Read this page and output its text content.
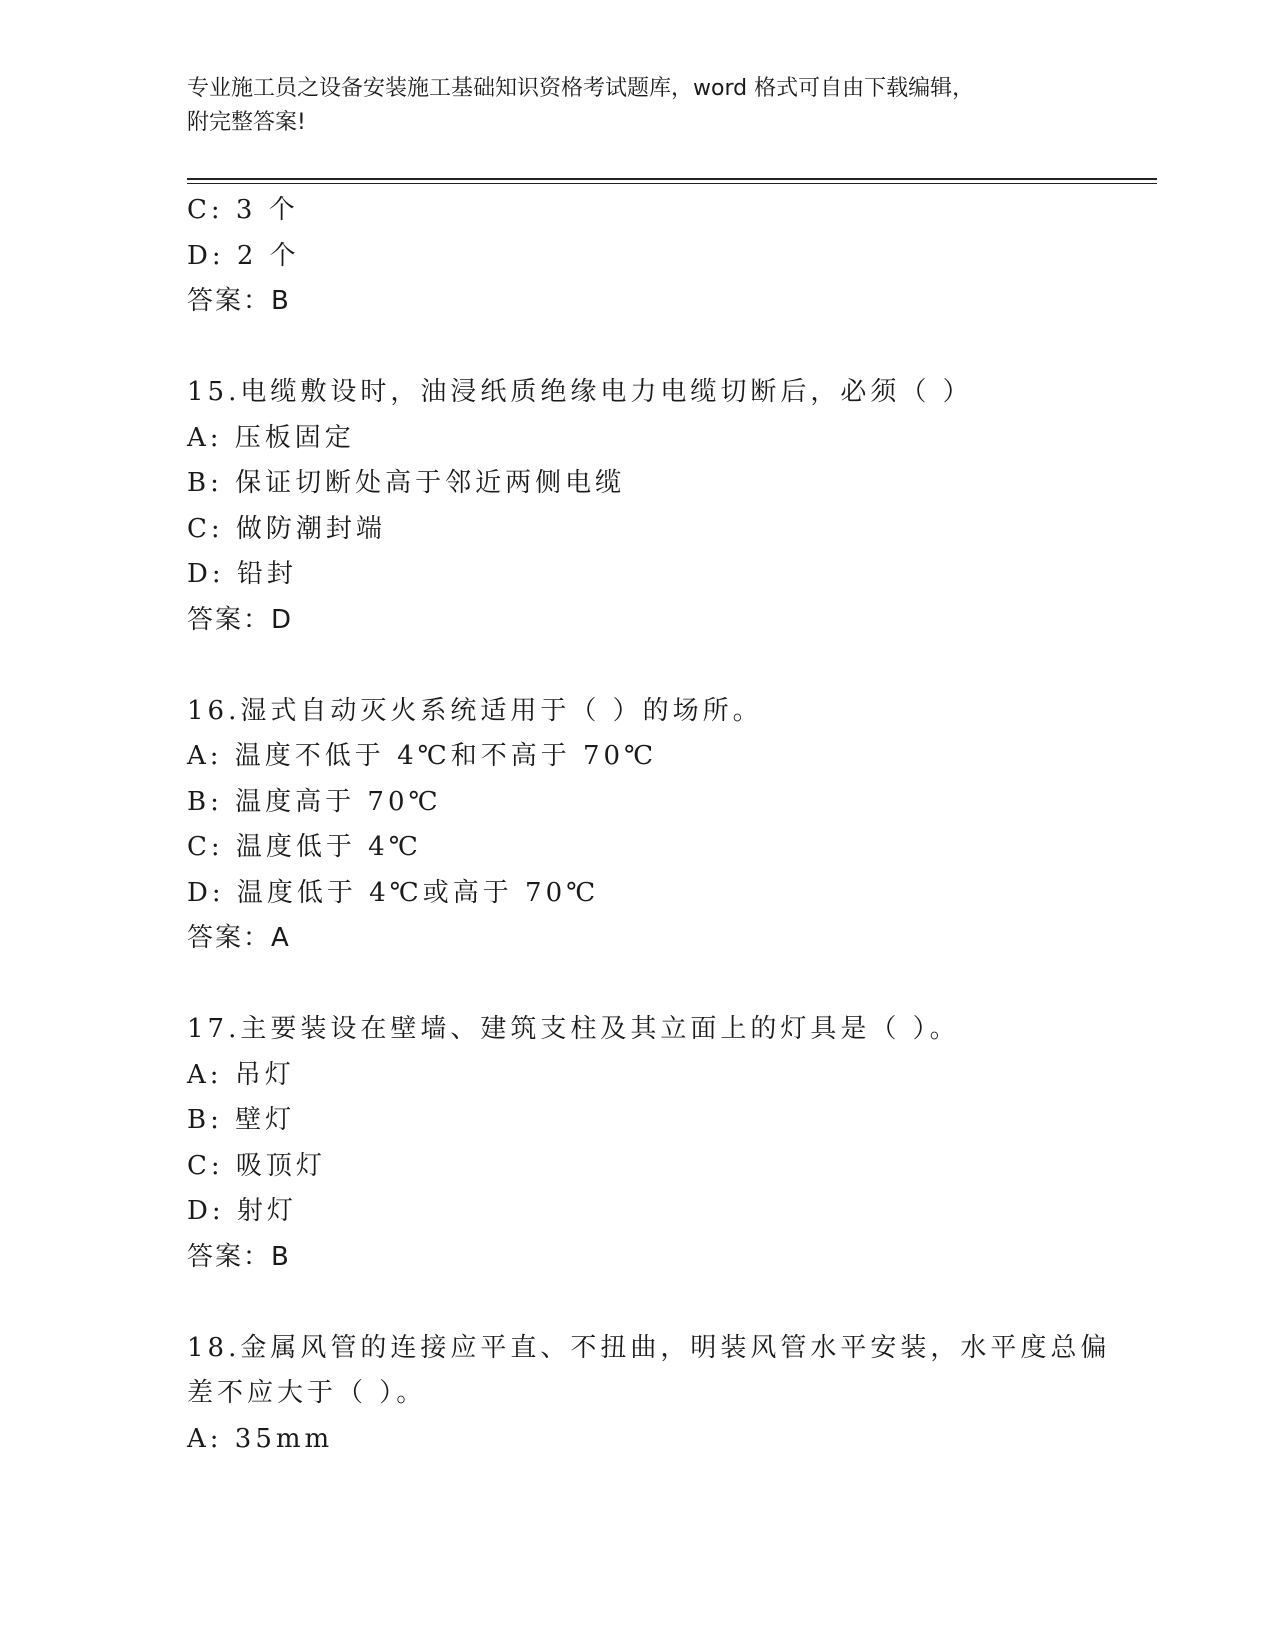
专业施工员之设备安装施工基础知识资格考试题库，word 格式可自由下载编辑，
附完整答案!
C: 3 个
D: 2 个
答案：B
15.电缆敷设时，油浸纸质绝缘电力电缆切断后，必须（ ）
A: 压板固定
B: 保证切断处高于邻近两侧电缆
C: 做防潮封端
D: 铅封
答案：D
16.湿式自动灭火系统适用于（ ）的场所。
A: 温度不低于 4℃和不高于 70℃
B: 温度高于 70℃
C: 温度低于 4℃
D: 温度低于 4℃或高于 70℃
答案：A
17.主要装设在壁墙、建筑支柱及其立面上的灯具是（ ）。
A: 吊灯
B: 壁灯
C: 吸顶灯
D: 射灯
答案：B
18.金属风管的连接应平直、不扭曲，明装风管水平安装，水平度总偏
差不应大于（ ）。
A: 35mm
